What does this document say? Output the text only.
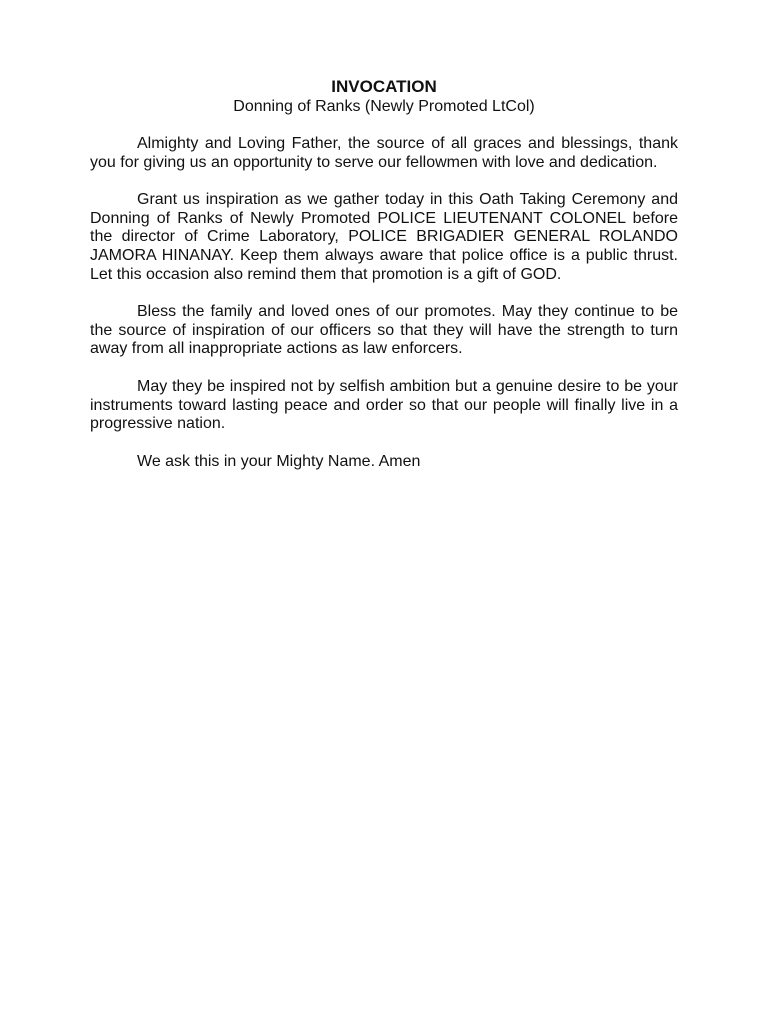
INVOCATION
Donning of Ranks (Newly Promoted LtCol)

Almighty and Loving Father, the source of all graces and blessings, thank you for giving us an opportunity to serve our fellowmen with love and dedication.

Grant us inspiration as we gather today in this Oath Taking Ceremony and Donning of Ranks of Newly Promoted POLICE LIEUTENANT COLONEL before the director of Crime Laboratory, POLICE BRIGADIER GENERAL ROLANDO JAMORA HINANAY. Keep them always aware that police office is a public thrust. Let this occasion also remind them that promotion is a gift of GOD.

Bless the family and loved ones of our promotes. May they continue to be the source of inspiration of our officers so that they will have the strength to turn away from all inappropriate actions as law enforcers.

May they be inspired not by selfish ambition but a genuine desire to be your instruments toward lasting peace and order so that our people will finally live in a progressive nation.

We ask this in your Mighty Name. Amen
